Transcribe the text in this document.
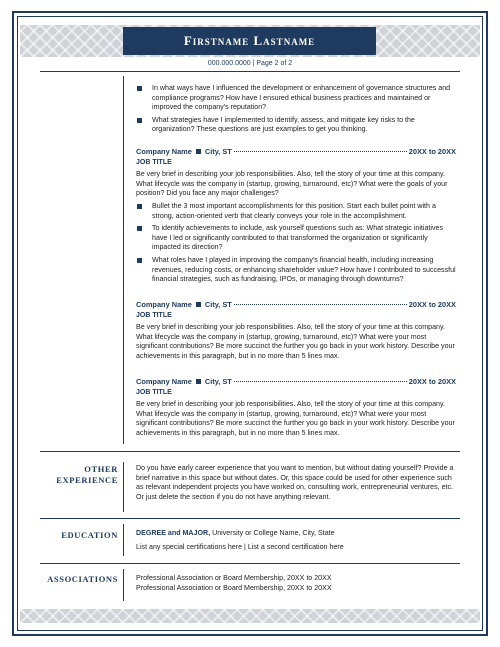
Firstname Lastname
000.000.0000 | Page 2 of 2
In what ways have I influenced the development or enhancement of governance structures and compliance programs? How have I ensured ethical business practices and maintained or improved the company's reputation?
What strategies have I implemented to identify, assess, and mitigate key risks to the organization? These questions are just examples to get you thinking.
Company Name City, ST	20XX to 20XX
JOB TITLE
Be very brief in describing your job responsibilities. Also, tell the story of your time at this company. What lifecycle was the company in (startup, growing, turnaround, etc)? What were the goals of your position? Did you face any major challenges?
Bullet the 3 most important accomplishments for this position. Start each bullet point with a strong, action-oriented verb that clearly conveys your role in the accomplishment.
To identify achievements to include, ask yourself questions such as: What strategic initiatives have I led or significantly contributed to that transformed the organization or significantly impacted its direction?
What roles have I played in improving the company's financial health, including increasing revenues, reducing costs, or enhancing shareholder value? How have I contributed to successful financial strategies, such as fundraising, IPOs, or managing through downturns?
Company Name City, ST	20XX to 20XX
JOB TITLE
Be very brief in describing your job responsibilities. Also, tell the story of your time at this company. What lifecycle was the company in (startup, growing, turnaround, etc)? What were your most significant contributions? Be more succinct the further you go back in your work history. Describe your achievements in this paragraph, but in no more than 5 lines max.
Company Name City, ST	20XX to 20XX
JOB TITLE
Be very brief in describing your job responsibilities. Also, tell the story of your time at this company. What lifecycle was the company in (startup, growing, turnaround, etc)? What were your most significant contributions? Be more succinct the further you go back in your work history. Describe your achievements in this paragraph, but in no more than 5 lines max.
OTHER
EXPERIENCE
Do you have early career experience that you want to mention, but without dating yourself? Provide a brief narrative in this space but without dates. Or, this space could be used for other experience such as relevant independent projects you have worked on, consulting work, entrepreneurial ventures, etc. Or just delete the section if you do not have anything relevant.
EDUCATION	DEGREE and MAJOR, University or College Name, City, State
List any special certifications here | List a second certification here
ASSOCIATIONS	Professional Association or Board Membership, 20XX to 20XX
Professional Association or Board Membership, 20XX to 20XX
